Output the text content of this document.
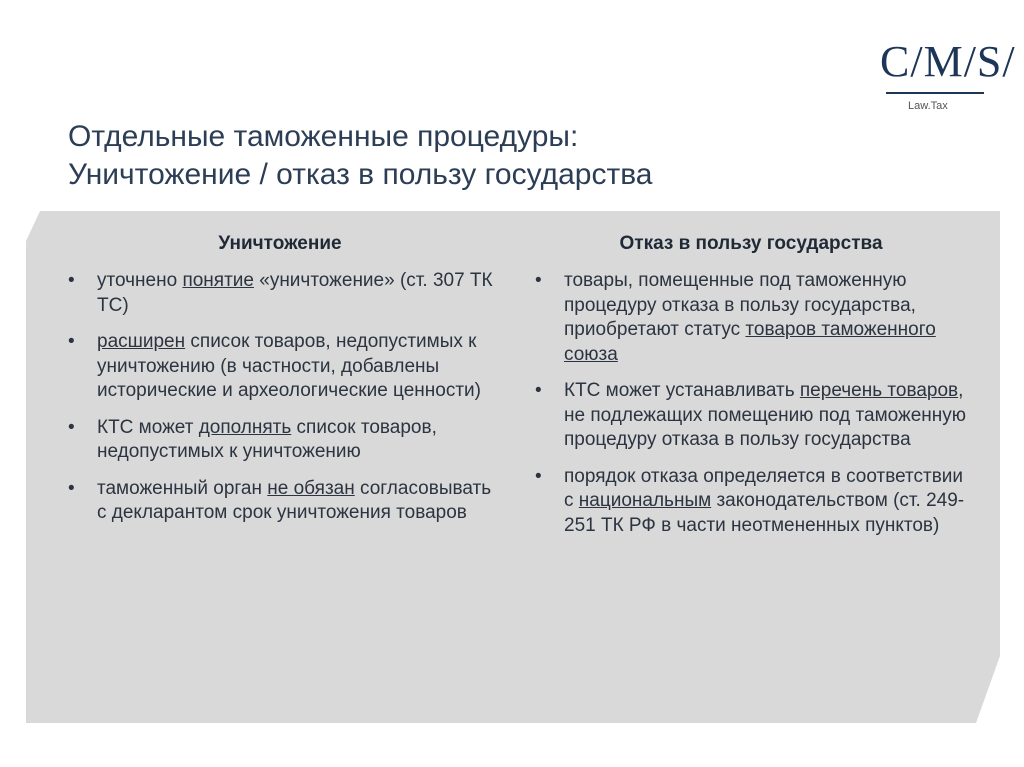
C/M/S/
Law.Tax
Отдельные таможенные процедуры:
Уничтожение / отказ в пользу государства
Уничтожение
• уточнено понятие «уничтожение» (ст. 307 ТК ТС)
• расширен список товаров, недопустимых к уничтожению (в частности, добавлены исторические и археологические ценности)
• КТС может дополнять список товаров, недопустимых к уничтожению
• таможенный орган не обязан согласовывать с декларантом срок уничтожения товаров
Отказ в пользу государства
• товары, помещенные под таможенную процедуру отказа в пользу государства, приобретают статус товаров таможенного союза
• КТС может устанавливать перечень товаров, не подлежащих помещению под таможенную процедуру отказа в пользу государства
• порядок отказа определяется в соответствии с национальным законодательством (ст. 249-251 ТК РФ в части неотмененных пунктов)
